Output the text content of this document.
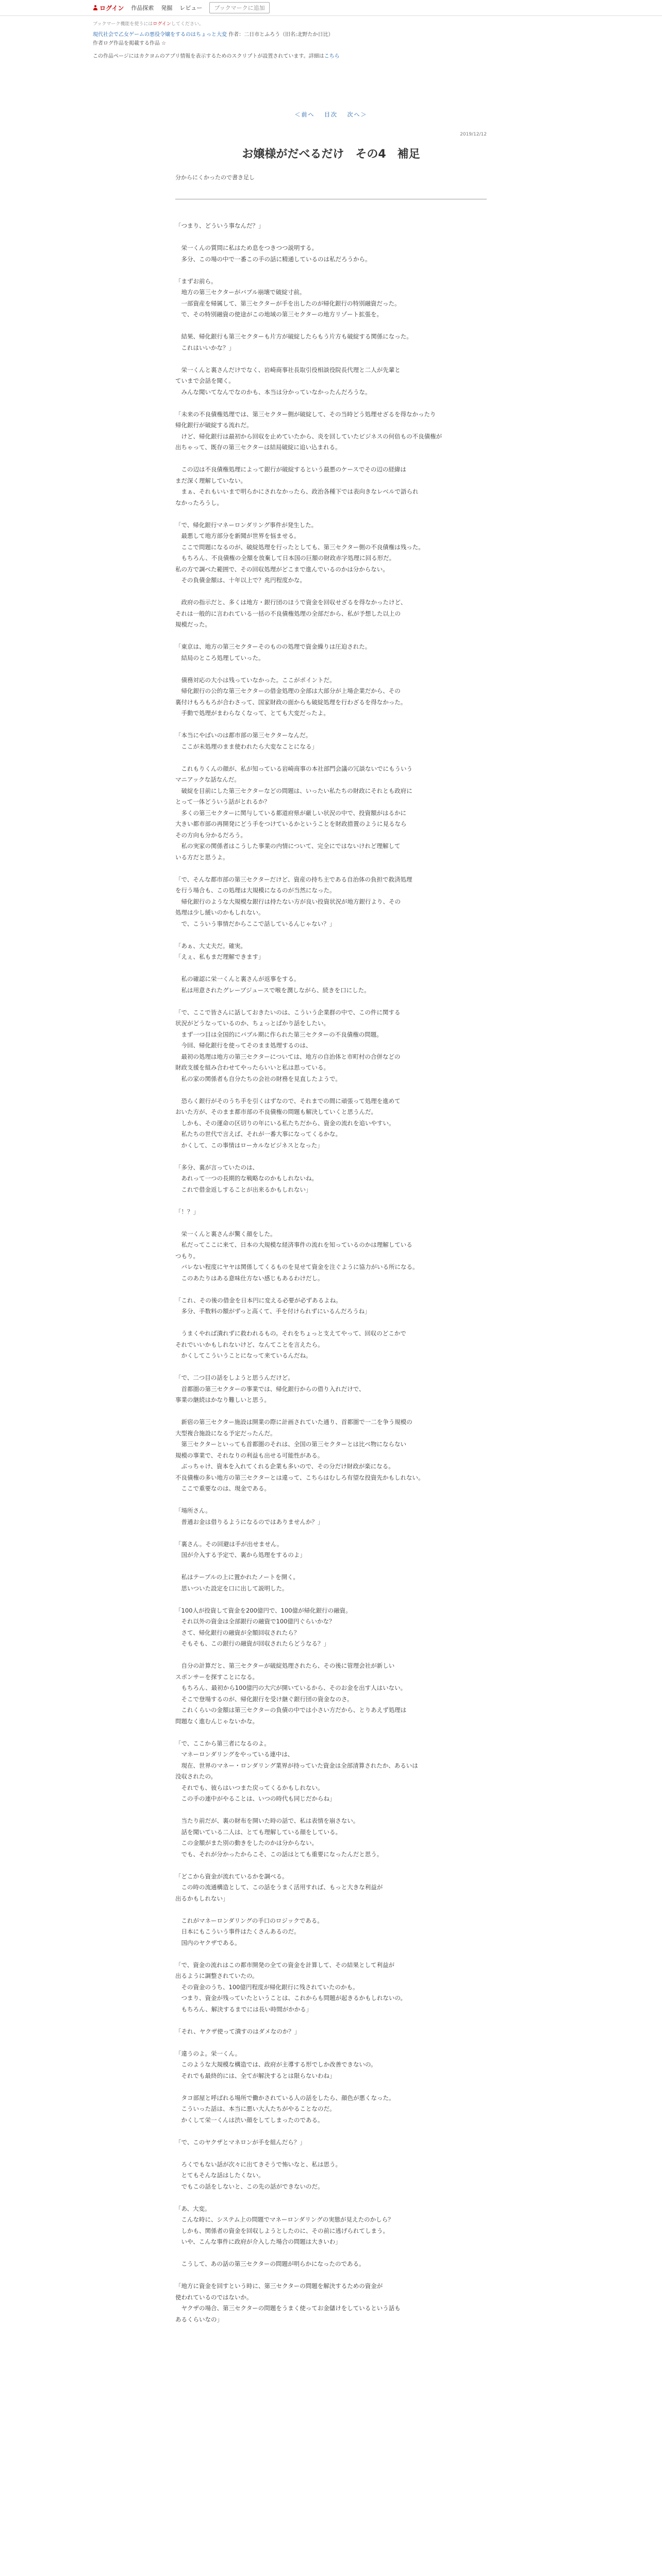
ログイン 作品探索 発掘 レビュー	ブックマークに追加
ブックマーク機能を使うにはログインしてください。
現代社会で乙女ゲームの悪役令嬢をするのはちょっと大変 作者：二日市とふろう（旧名:北野たか日比）
作者ログ作品を掲載する作品 ☆
この作品ページにはカクヨムのアプリ情報を表示するためのスクリプトが設置されています。詳細はこちら
＜前へ 　 目次 　 次へ＞
2019/12/12
お嬢様がだべるだけ　その4　補足
分からにくかったので書き足し
「つまり、どういう事なんだ？」

　栄一くんの質問に私はため息をつきつつ説明する。
　多分、この場の中で一番この手の話に精通しているのは私だろうから。

「まずお前ら。
　地方の第三セクターがバブル崩壊で破綻寸前。
　一部資産を帰属して、第三セクターが手を出したのが帰化銀行の特別融資だった。
　で、その特別融資の使途がこの地域の第三セクターの地方リゾート拡張を。

　結果、帰化銀行も第三セクターも片方が破綻したらもう片方も破綻する関係になった。
　これはいいかな？」

　栄一くんと裏さんだけでなく、岩崎商事社長取引役相談役院長代理と二人が先輩と
ていまで会話を聞く。
　みんな聞いてなんでなのかも、本当は分かっていなかったんだろうな。

「未来の不良債権処理では、第三セクター側が破綻して、その当時どう処理せざるを得なかったり
帰化銀行が破綻する流れだ。
　けど、帰化銀行は最初から回収を止めていたから、炎を回していたビジネスの何倍もの不良債権が
出ちゃって、既存の第三セクターは結局破綻に追い込まれる。

　この辺は不良債権処理によって銀行が破綻するという最悪のケースでその辺の経緯は
まだ深く理解していない。
　まぁ、それもいいまで明らかにされなかったら、政治各種下では表向きなレベルで語られ
なかったろうし。

「で、帰化銀行マネーロンダリング事件が発生した。
　最悪して地方部分を新聞が世界を悩ませる。
　ここで問題になるのが、破綻処理を行ったとしても、第三セクター側の不良債権は残った。
　もちろん、不良債権の全額を放棄して日本国の巨額の財政赤字処理に回る形だ。
私の方で調べた範囲で、その回収処理がどこまで進んでいるのかは分からない。
　その負債金額は、十年以上で？兆円程度かな。

　政府の指示だと、多くは地方・銀行団のほうで資金を回収せざるを得なかったけど、
それは一般的に言われている一括の不良債権処理の全部だから、私が予想した以上の
規模だった。

「東京は、地方の第三セクターそのものの処理で資金繰りは圧迫された。
　結局のところ処理していった。

　債務対応の大小は残っていなかった。ここがポイントだ。
　帰化銀行の公的な第三セクターの借金処理の全部は大部分が上場企業だから、その
裏付けもろもろが合わさって、国家財政の面からも破綻処理を行わざるを得なかった。
　手動で処理がまわらなくなって、とても大変だったよ。

「本当にやばいのは都市部の第三セクターなんだ。
　ここが未処理のまま使われたら大変なことになる」

　これもりくんの顔が、私が知っている岩崎商事の本社部門会議の冗談ないでにもういう
マニアックな話なんだ。
　破綻を目前にした第三セクターなどの問題は、いったい私たちの財政にそれとも政府に
とって一体どういう話がとれるか？
　多くの第三セクターに関与している都道府県が厳しい状況の中で、投資額がはるかに
大きい都市部の再開発にどう手をつけているかということを財政措置のように見るなら
その方向も分かるだろう。
　私の実家の関係者はこうした事業の内情について、完全にではないけれど理解して
いる方だと思うよ。

「で、そんな都市部の第三セクターだけど、資産の持ち主である自治体の負担で救済処理
を行う場合も、この処理は大規模になるのが当然になった。
　帰化銀行のような大規模な銀行は持たない方が良い投資状況が地方銀行より、その
処理は少し緩いのかもしれない。
　で、こういう事情だからここで話しているんじゃない？」

「あぁ、大丈夫だ。確実。
「えぇ、私もまだ理解できます」

　私の確認に栄一くんと裏さんが返事をする。
　私は用意されたグレープジュースで喉を潤しながら、続きを口にした。

「で、ここで皆さんに話しておきたいのは、こういう企業群の中で、この件に関する
状況がどうなっているのか、ちょっとばかり話をしたい。
　まず一つ目は全国的にバブル期に作られた第三セクターの不良債権の問題。
　今回、帰化銀行を使ってそのまま処理するのは、
　最初の処理は地方の第三セクターについては、地方の自治体と市町村の合併などの
財政支援を組み合わせてやったらいいと私は思っている。
　私の家の関係者も自分たちの会社の財務を見直したようで。

　恐らく銀行がそのうち手を引くはずなので、それまでの間に頑張って処理を進めて
おいた方が、そのまま都市部の不良債権の問題も解決していくと思うんだ。
　しかも、その運命の区切りの年にいる私たちだから、資金の流れを追いやすい。
　私たちの世代で言えば、それが一番大事になってくるかな。
　かくして、この事情はローカルなビジネスとなった」

「多分、裏が言っていたのは、
　あれって一つの長期的な戦略なのかもしれないね。
　これで借金返しすることが出来るかもしれない」

「！？」

　栄一くんと裏さんが驚く顔をした。
　私だってここに来て、日本の大規模な経済事件の流れを知っているのかは理解している
つもり。
　バレない程度にヤヤは関係してくるものを見せて資金を注ぐように協力がいる所になる。
　このあたりはある意味仕方ない感じもあるわけだし。

「これ、その後の借金を日本円に変える必要が必ずあるよね。
　多分、手数料の額がずっと高くて、手を付けられずにいるんだろうね」

　うまくやれば潰れずに救われるもの。それをちょっと支えてやって、回収のどこかで
それでいいかもしれないけど、なんてことを言えたら。
　かくしてこういうことになって来ているんだね。

「で、二つ目の話をしようと思うんだけど。
　首都圏の第三セクターの事業では、帰化銀行からの借り入れだけで、
事業の継続はかなり難しいと思う。

　新宿の第三セクター施設は開業の際に計画されていた通り、首都圏で一二を争う規模の
大型複合施設になる予定だったんだ。
　第三セクターといっても首都圏のそれは、全国の第三セクターとは比べ物にならない
規模の事業で、それなりの利益も出せる可能性がある。
　ぶっちゃけ、資本を入れてくれる企業も多いので、その分だけ財政が楽になる。
不良債権の多い地方の第三セクターとは違って、こちらはむしろ有望な投資先かもしれない。
　ここで重要なのは、現金である。

「場所さん。
　普通お金は借りるようになるのではありませんか？」

「裏さん。その回避は手が出せません。
　国が介入する予定で、裏から処理をするのよ」

　私はテーブルの上に置かれたノートを開く。
　思いついた設定を口に出して説明した。

「100人が投資して資金を200億円で、100億が帰化銀行の融資。
　それ以外の資金は全部銀行の融資で100億円ぐらいかな？
　さて、帰化銀行の融資が全額回収されたら？
　そもそも、この銀行の融資が回収されたらどうなる？」

　自分の計算だと、第三セクターが破綻処理されたら、その後に管理会社が新しい
スポンサーを探すことになる。
　もちろん、最初から100億円の大穴が開いているから、そのお金を出す人はいない。
　そこで登場するのが、帰化銀行を受け継ぐ銀行団の資金なのさ。
　これくらいの金額は第三セクターの負債の中では小さい方だから、とりあえず処理は
問題なく進むんじゃないかな。

「で、ここから第三者になるのよ。
　マネーロンダリングをやっている連中は、
　現在、世界のマネー・ロンダリング業界が持っていた資金は全部清算されたか、あるいは
没収されたの。
　それでも、彼らはいつまた戻ってくるかもしれない。
　この手の連中がやることは、いつの時代も同じだからね」

　当たり前だが、裏の財布を開いた時の話で、私は表情を崩さない。
　話を聞いている二人は、とても理解している顔をしている。
　この金額がまた別の動きをしたのかは分からない。
　でも、それが分かったからこそ、この話はとても重要になったんだと思う。

「どこから資金が流れているかを調べる。
　この時の流通構造として、この話をうまく活用すれば、もっと大きな利益が
出るかもしれない」

　これがマネーロンダリングの手口のロジックである。
　日本にもこういう事件はたくさんあるのだ。
　国内のヤクザである。

「で、資金の流れはこの都市開発の全ての資金を計算して、その結果として利益が
出るように調整されていたの。
　その資金のうち、100億円程度が帰化銀行に残されていたのかも。
　つまり、資金が残っていたということは、これからも問題が起きるかもしれないの。
　もちろん、解決するまでには長い時間がかかる」

「それ、ヤクザ使って潰すのはダメなのか？」

「違うのよ。栄一くん。
　このような大規模な構造では、政府が主導する形でしか改善できないの。
　それでも最終的には、全てが解決するとは限らないわね」

　タコ部屋と呼ばれる場所で働かされている人の話をしたら、顔色が悪くなった。
　こういった話は、本当に悪い大人たちがやることなのだ。
　かくして栄一くんは渋い顔をしてしまったのである。

「で、このヤクザとマネロンが手を組んだら？」

　ろくでもない話が次々に出てきそうで怖いなと、私は思う。
　とてもそんな話はしたくない。
　でもこの話をしないと、この先の話ができないのだ。

「あ、大変。
　こんな時に、システム上の問題でマネーロンダリングの実態が見えたのかしら？
　しかも、関係者の資金を回収しようとしたのに、その前に逃げられてしまう。
　いや、こんな事件に政府が介入した場合の問題は大きいわ」

　こうして、あの話の第三セクターの問題が明らかになったのである。

「地方に資金を回すという時に、第三セクターの問題を解決するための資金が
使われているのではないか。
　ヤクザの場合、第三セクターの問題をうまく使ってお金儲けをしているという話も
あるくらいなの」
